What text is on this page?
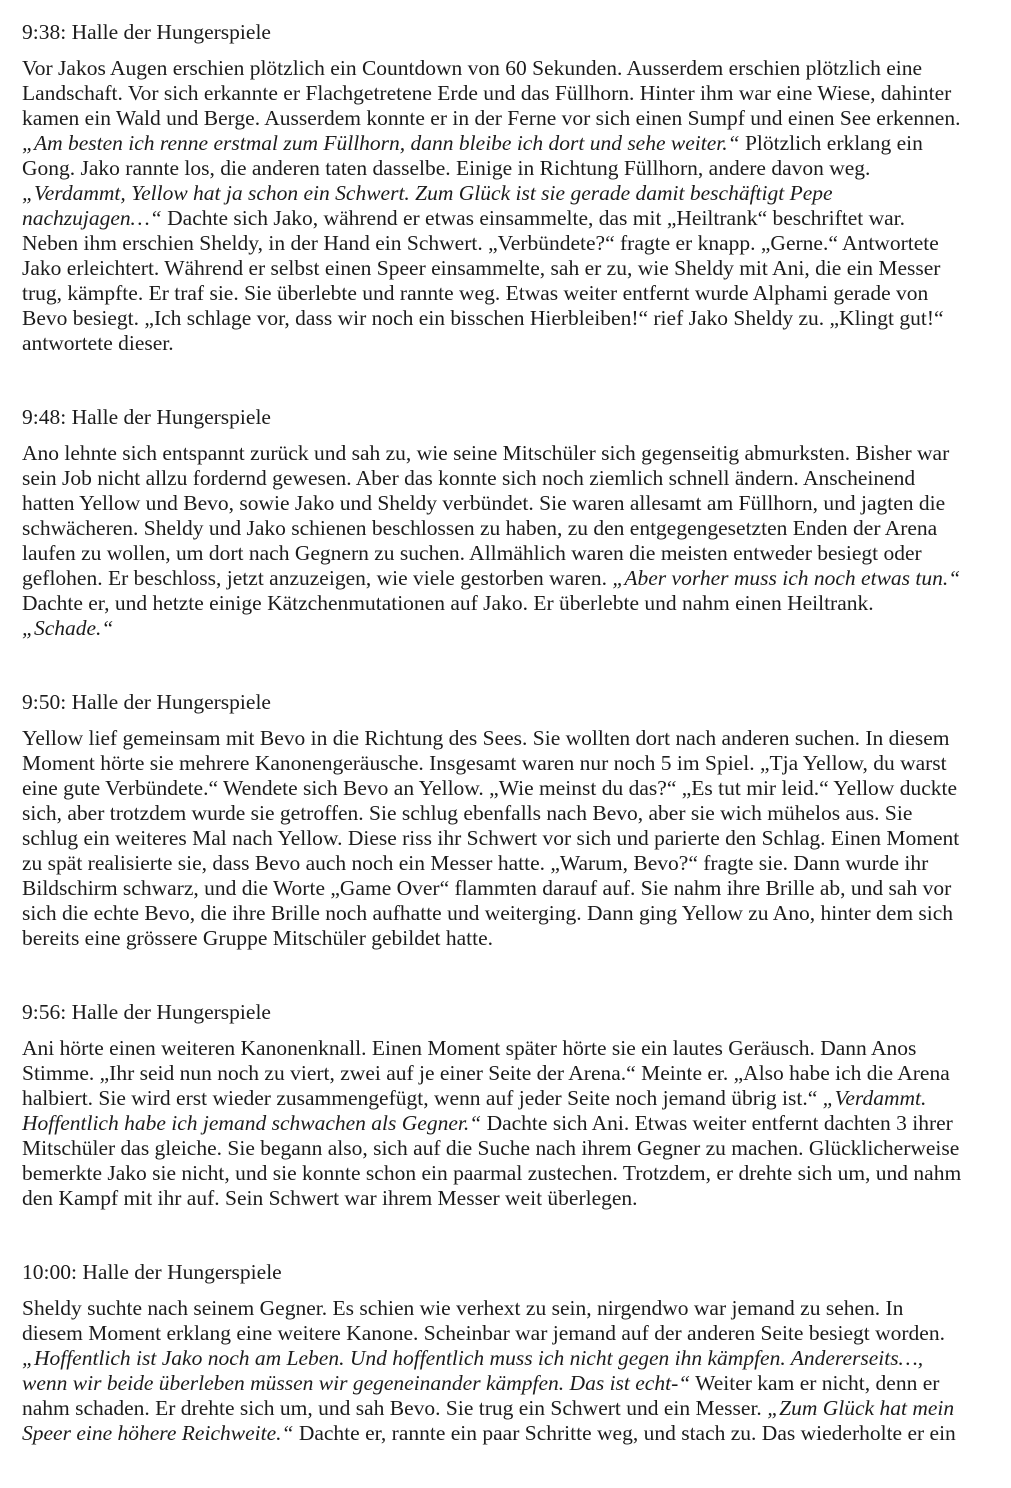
9:38: Halle der Hungerspiele
Vor Jakos Augen erschien plötzlich ein Countdown von 60 Sekunden. Ausserdem erschien plötzlich eine
Landschaft. Vor sich erkannte er Flachgetretene Erde und das Füllhorn. Hinter ihm war eine Wiese, dahinter
kamen ein Wald und Berge. Ausserdem konnte er in der Ferne vor sich einen Sumpf und einen See erkennen.
„Am besten ich renne erstmal zum Füllhorn, dann bleibe ich dort und sehe weiter.“ Plötzlich erklang ein
Gong. Jako rannte los, die anderen taten dasselbe. Einige in Richtung Füllhorn, andere davon weg.
„Verdammt, Yellow hat ja schon ein Schwert. Zum Glück ist sie gerade damit beschäftigt Pepe
nachzujagen…“ Dachte sich Jako, während er etwas einsammelte, das mit „Heiltrank“ beschriftet war.
Neben ihm erschien Sheldy, in der Hand ein Schwert. „Verbündete?“ fragte er knapp. „Gerne.“ Antwortete
Jako erleichtert. Während er selbst einen Speer einsammelte, sah er zu, wie Sheldy mit Ani, die ein Messer
trug, kämpfte. Er traf sie. Sie überlebte und rannte weg. Etwas weiter entfernt wurde Alphami gerade von
Bevo besiegt. „Ich schlage vor, dass wir noch ein bisschen Hierbleiben!“ rief Jako Sheldy zu. „Klingt gut!“
antwortete dieser.
9:48: Halle der Hungerspiele
Ano lehnte sich entspannt zurück und sah zu, wie seine Mitschüler sich gegenseitig abmurksten. Bisher war
sein Job nicht allzu fordernd gewesen. Aber das konnte sich noch ziemlich schnell ändern. Anscheinend
hatten Yellow und Bevo, sowie Jako und Sheldy verbündet. Sie waren allesamt am Füllhorn, und jagten die
schwächeren. Sheldy und Jako schienen beschlossen zu haben, zu den entgegengesetzten Enden der Arena
laufen zu wollen, um dort nach Gegnern zu suchen. Allmählich waren die meisten entweder besiegt oder
geflohen. Er beschloss, jetzt anzuzeigen, wie viele gestorben waren. „Aber vorher muss ich noch etwas tun.“
Dachte er, und hetzte einige Kätzchenmutationen auf Jako. Er überlebte und nahm einen Heiltrank.
„Schade.“
9:50: Halle der Hungerspiele
Yellow lief gemeinsam mit Bevo in die Richtung des Sees. Sie wollten dort nach anderen suchen. In diesem
Moment hörte sie mehrere Kanonengeräusche. Insgesamt waren nur noch 5 im Spiel. „Tja Yellow, du warst
eine gute Verbündete.“ Wendete sich Bevo an Yellow. „Wie meinst du das?“ „Es tut mir leid.“ Yellow duckte
sich, aber trotzdem wurde sie getroffen. Sie schlug ebenfalls nach Bevo, aber sie wich mühelos aus. Sie
schlug ein weiteres Mal nach Yellow. Diese riss ihr Schwert vor sich und parierte den Schlag. Einen Moment
zu spät realisierte sie, dass Bevo auch noch ein Messer hatte. „Warum, Bevo?“ fragte sie. Dann wurde ihr
Bildschirm schwarz, und die Worte „Game Over“ flammten darauf auf. Sie nahm ihre Brille ab, und sah vor
sich die echte Bevo, die ihre Brille noch aufhatte und weiterging. Dann ging Yellow zu Ano, hinter dem sich
bereits eine grössere Gruppe Mitschüler gebildet hatte.
9:56: Halle der Hungerspiele
Ani hörte einen weiteren Kanonenknall. Einen Moment später hörte sie ein lautes Geräusch. Dann Anos
Stimme. „Ihr seid nun noch zu viert, zwei auf je einer Seite der Arena.“ Meinte er. „Also habe ich die Arena
halbiert. Sie wird erst wieder zusammengefügt, wenn auf jeder Seite noch jemand übrig ist.“ „Verdammt.
Hoffentlich habe ich jemand schwachen als Gegner.“ Dachte sich Ani. Etwas weiter entfernt dachten 3 ihrer
Mitschüler das gleiche. Sie begann also, sich auf die Suche nach ihrem Gegner zu machen. Glücklicherweise
bemerkte Jako sie nicht, und sie konnte schon ein paarmal zustechen. Trotzdem, er drehte sich um, und nahm
den Kampf mit ihr auf. Sein Schwert war ihrem Messer weit überlegen.
10:00: Halle der Hungerspiele
Sheldy suchte nach seinem Gegner. Es schien wie verhext zu sein, nirgendwo war jemand zu sehen. In
diesem Moment erklang eine weitere Kanone. Scheinbar war jemand auf der anderen Seite besiegt worden.
„Hoffentlich ist Jako noch am Leben. Und hoffentlich muss ich nicht gegen ihn kämpfen. Andererseits…,
wenn wir beide überleben müssen wir gegeneinander kämpfen. Das ist echt-“ Weiter kam er nicht, denn er
nahm schaden. Er drehte sich um, und sah Bevo. Sie trug ein Schwert und ein Messer. „Zum Glück hat mein
Speer eine höhere Reichweite.“ Dachte er, rannte ein paar Schritte weg, und stach zu. Das wiederholte er ein
